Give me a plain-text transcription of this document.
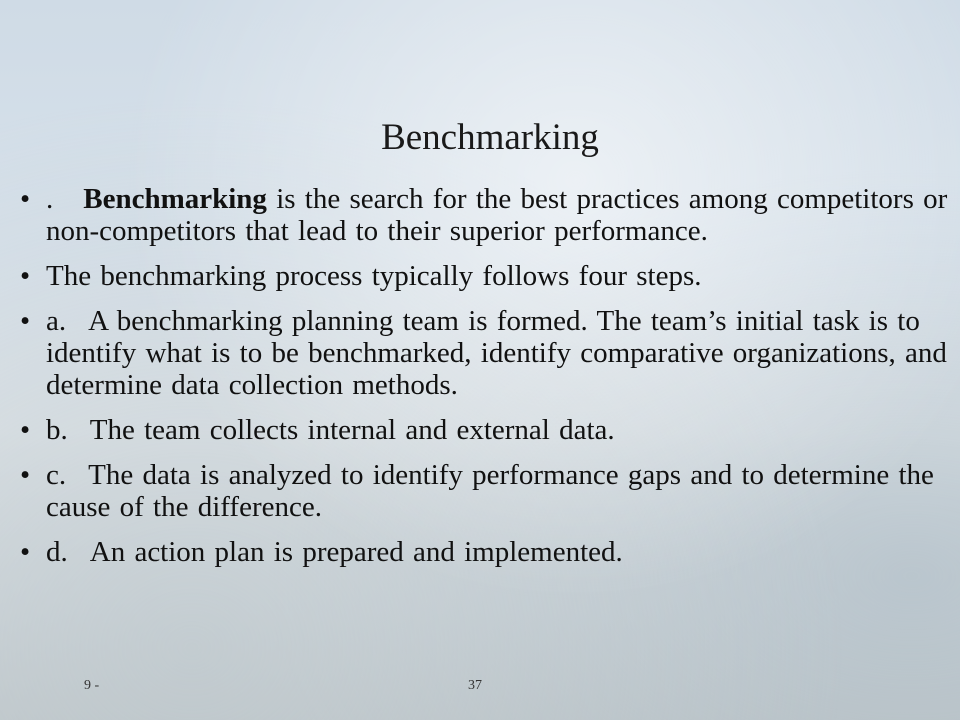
Benchmarking
• . Benchmarking is the search for the best practices among competitors or non-competitors that lead to their superior performance.
• The benchmarking process typically follows four steps.
• a. A benchmarking planning team is formed. The team’s initial task is to identify what is to be benchmarked, identify comparative organizations, and determine data collection methods.
• b. The team collects internal and external data.
• c. The data is analyzed to identify performance gaps and to determine the cause of the difference.
• d. An action plan is prepared and implemented.
9 -	37
